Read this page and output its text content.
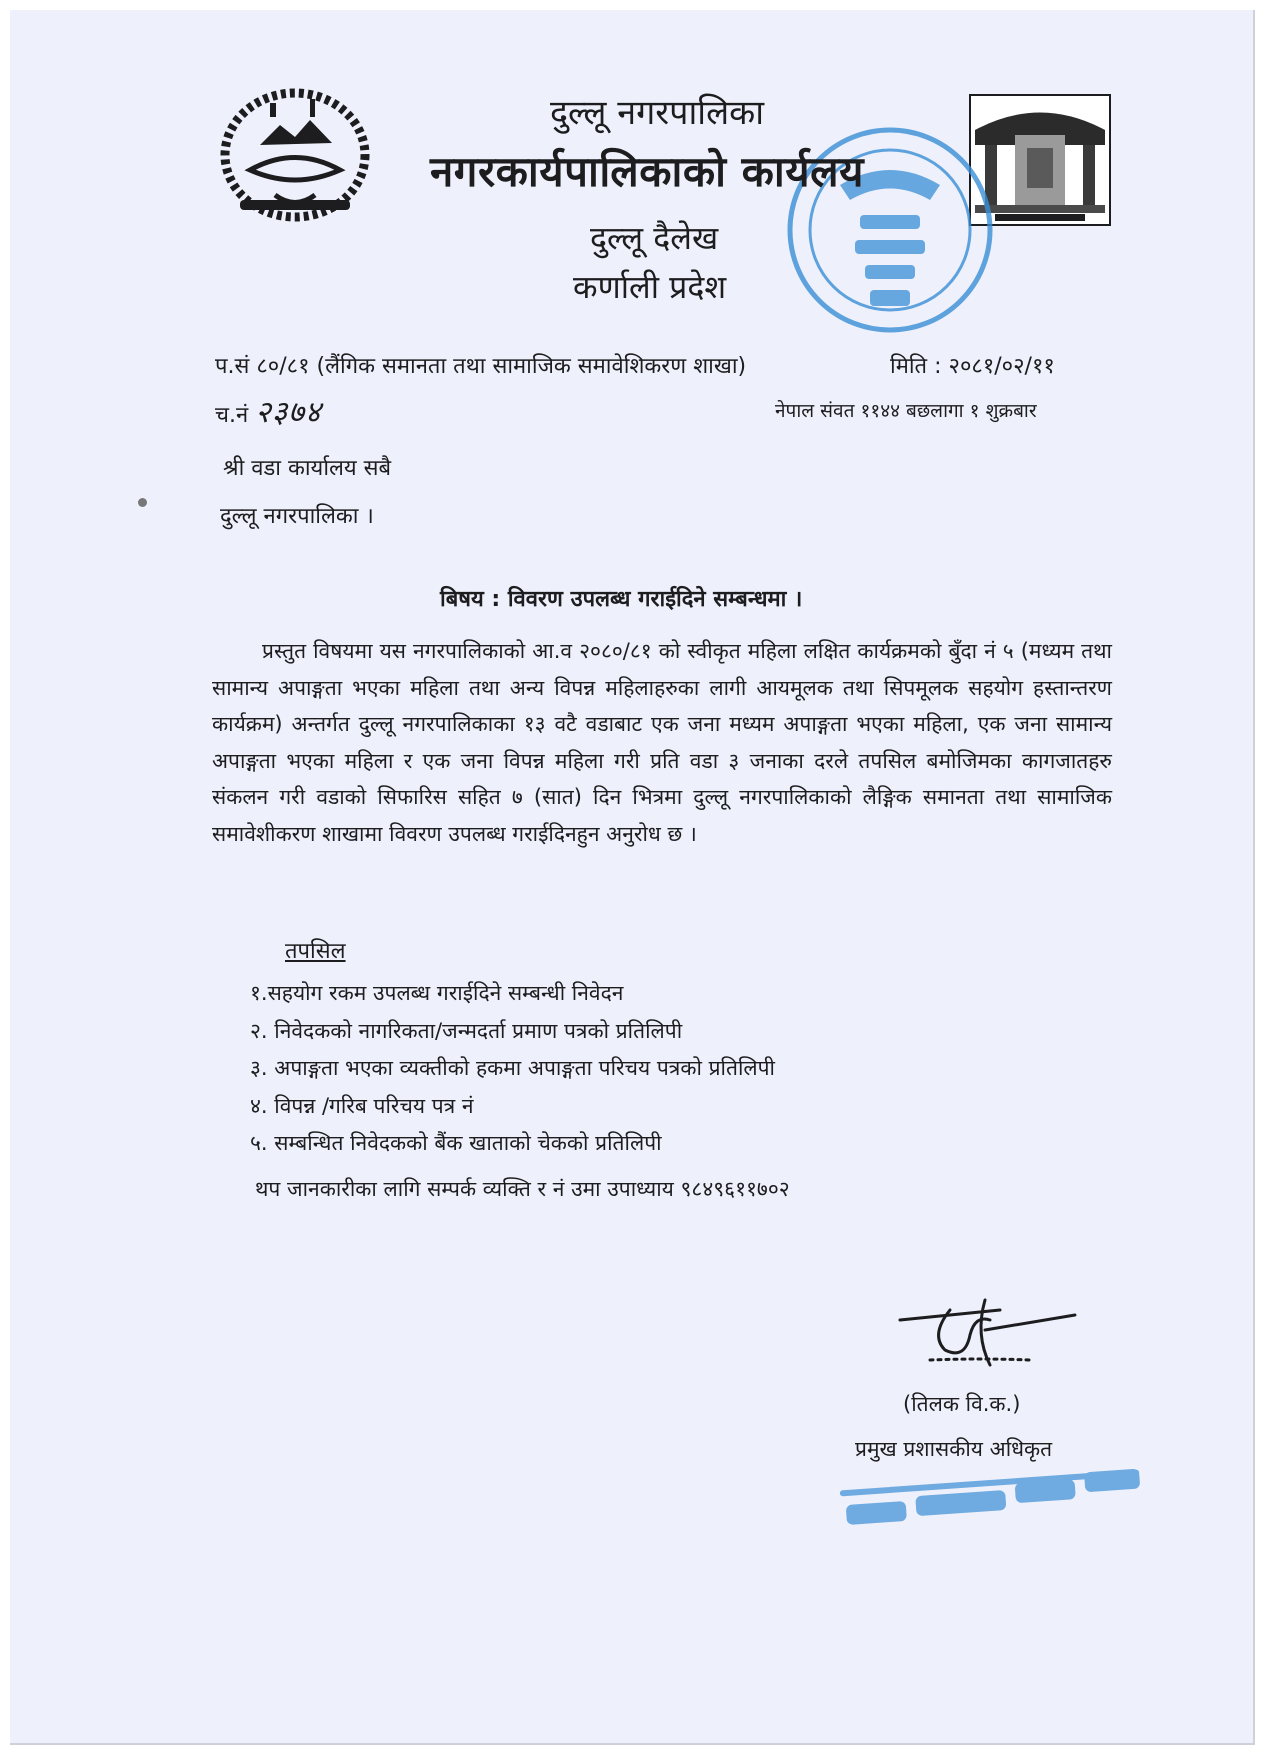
दुल्लू नगरपालिका
नगरकार्यपालिकाको कार्यलय
दुल्लू दैलेख
कर्णाली प्रदेश
प.सं ८०/८१ (लैंगिक समानता तथा सामाजिक समावेशिकरण शाखा)	मिति : २०८१/०२/११
च.नं २३७४	नेपाल संवत ११४४ बछलागा १ शुक्रबार
श्री वडा कार्यालय सबै
दुल्लू नगरपालिका ।
बिषय : विवरण उपलब्ध गराईदिने सम्बन्धमा ।

प्रस्तुत विषयमा यस नगरपालिकाको आ.व २०८०/८१ को स्वीकृत महिला लक्षित कार्यक्रमको बुँदा नं ५ (मध्यम तथा सामान्य अपाङ्गता भएका महिला तथा अन्य विपन्न महिलाहरुका लागी आयमूलक तथा सिपमूलक सहयोग हस्तान्तरण कार्यक्रम) अन्तर्गत दुल्लू नगरपालिकाका १३ वटै वडाबाट एक जना मध्यम अपाङ्गता भएका महिला, एक जना सामान्य अपाङ्गता भएका महिला र एक जना विपन्न महिला गरी प्रति वडा ३ जनाका दरले तपसिल बमोजिमका कागजातहरु संकलन गरी वडाको सिफारिस सहित ७ (सात) दिन भित्रमा दुल्लू नगरपालिकाको लैङ्गिक समानता तथा सामाजिक समावेशीकरण शाखामा विवरण उपलब्ध गराईदिनहुन अनुरोध छ ।

तपसिल
१.सहयोग रकम उपलब्ध गराईदिने सम्बन्धी निवेदन
२. निवेदकको नागरिकता/जन्मदर्ता प्रमाण पत्रको प्रतिलिपी
३. अपाङ्गता भएका व्यक्तीको हकमा अपाङ्गता परिचय पत्रको प्रतिलिपी
४. विपन्न /गरिब परिचय पत्र नं
५. सम्बन्धित निवेदकको बैंक खाताको चेकको प्रतिलिपी
थप जानकारीका लागि सम्पर्क व्यक्ति र नं उमा उपाध्याय ९८४९६११७०२
(तिलक वि.क.)
प्रमुख प्रशासकीय अधिकृत
